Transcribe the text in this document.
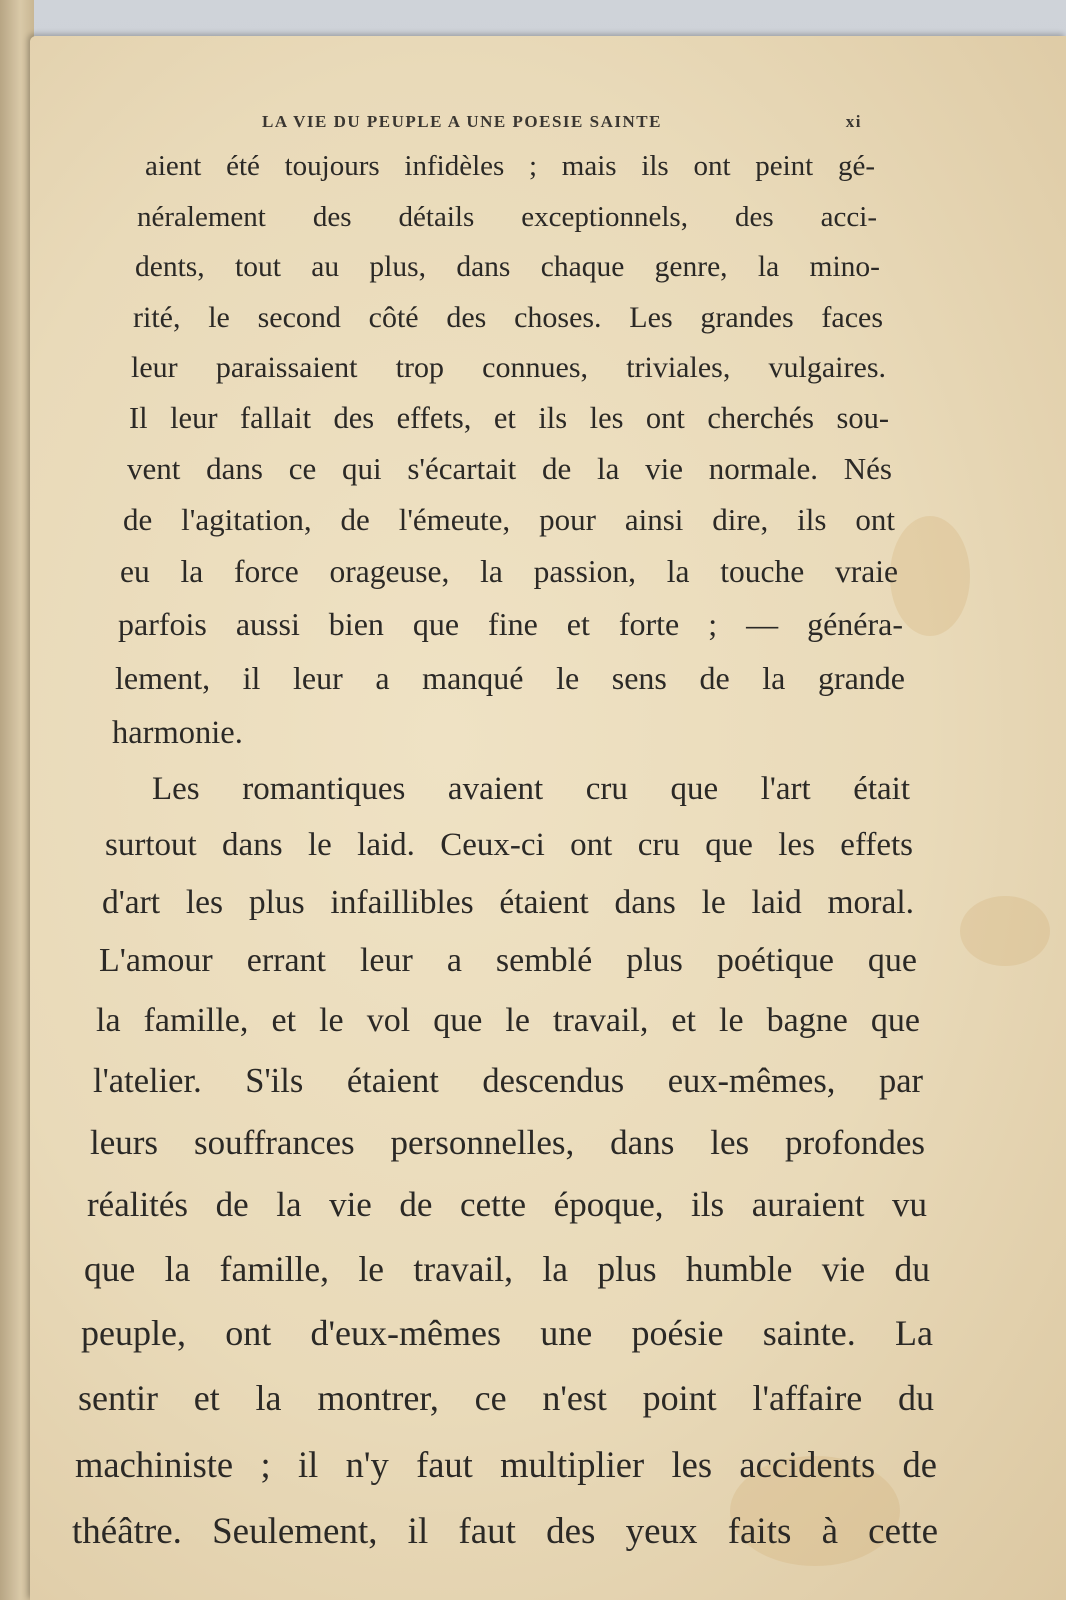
LA VIE DU PEUPLE A UNE POESIE SAINTE	xi
aient été toujours infidèles ; mais ils ont peint gé-
néralement des détails exceptionnels, des acci-
dents, tout au plus, dans chaque genre, la mino-
rité, le second côté des choses. Les grandes faces
leur paraissaient trop connues, triviales, vulgaires.
Il leur fallait des effets, et ils les ont cherchés sou-
vent dans ce qui s'écartait de la vie normale. Nés
de l'agitation, de l'émeute, pour ainsi dire, ils ont
eu la force orageuse, la passion, la touche vraie
parfois aussi bien que fine et forte ; — généra-
lement, il leur a manqué le sens de la grande
harmonie.
Les romantiques avaient cru que l'art était
surtout dans le laid. Ceux-ci ont cru que les effets
d'art les plus infaillibles étaient dans le laid moral.
L'amour errant leur a semblé plus poétique que
la famille, et le vol que le travail, et le bagne que
l'atelier. S'ils étaient descendus eux-mêmes, par
leurs souffrances personnelles, dans les profondes
réalités de la vie de cette époque, ils auraient vu
que la famille, le travail, la plus humble vie du
peuple, ont d'eux-mêmes une poésie sainte. La
sentir et la montrer, ce n'est point l'affaire du
machiniste ; il n'y faut multiplier les accidents de
théâtre. Seulement, il faut des yeux faits à cette
